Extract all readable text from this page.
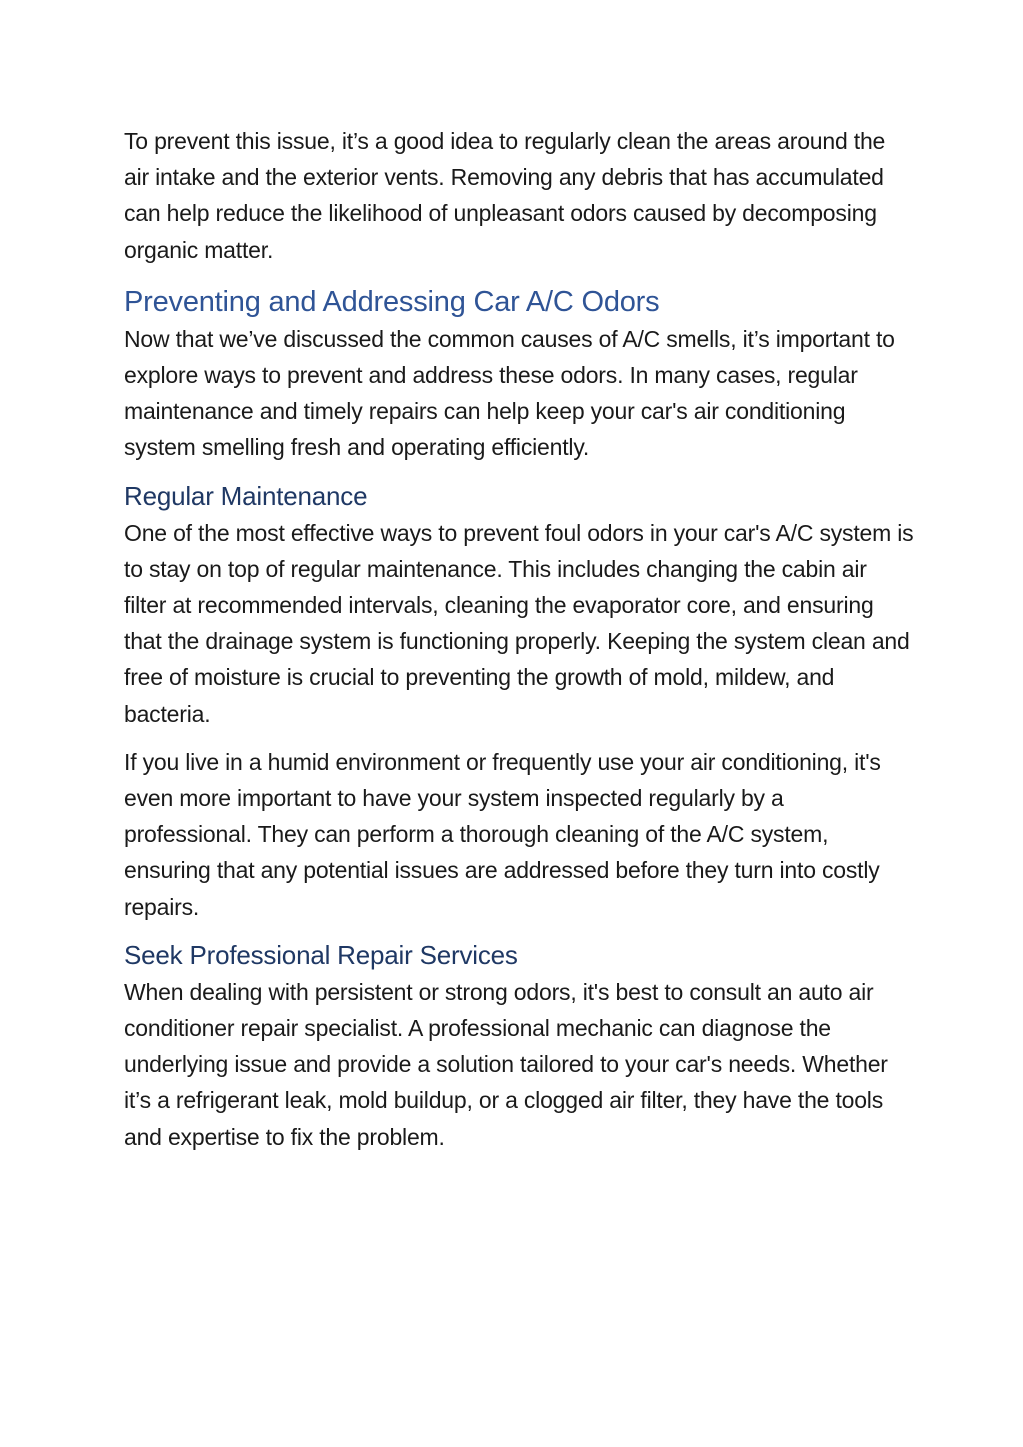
To prevent this issue, it’s a good idea to regularly clean the areas around the air intake and the exterior vents. Removing any debris that has accumulated can help reduce the likelihood of unpleasant odors caused by decomposing organic matter.

Preventing and Addressing Car A/C Odors

Now that we’ve discussed the common causes of A/C smells, it’s important to explore ways to prevent and address these odors. In many cases, regular maintenance and timely repairs can help keep your car's air conditioning system smelling fresh and operating efficiently.

Regular Maintenance

One of the most effective ways to prevent foul odors in your car's A/C system is to stay on top of regular maintenance. This includes changing the cabin air filter at recommended intervals, cleaning the evaporator core, and ensuring that the drainage system is functioning properly. Keeping the system clean and free of moisture is crucial to preventing the growth of mold, mildew, and bacteria.

If you live in a humid environment or frequently use your air conditioning, it's even more important to have your system inspected regularly by a professional. They can perform a thorough cleaning of the A/C system, ensuring that any potential issues are addressed before they turn into costly repairs.

Seek Professional Repair Services

When dealing with persistent or strong odors, it's best to consult an auto air conditioner repair specialist. A professional mechanic can diagnose the underlying issue and provide a solution tailored to your car's needs. Whether it’s a refrigerant leak, mold buildup, or a clogged air filter, they have the tools and expertise to fix the problem.
